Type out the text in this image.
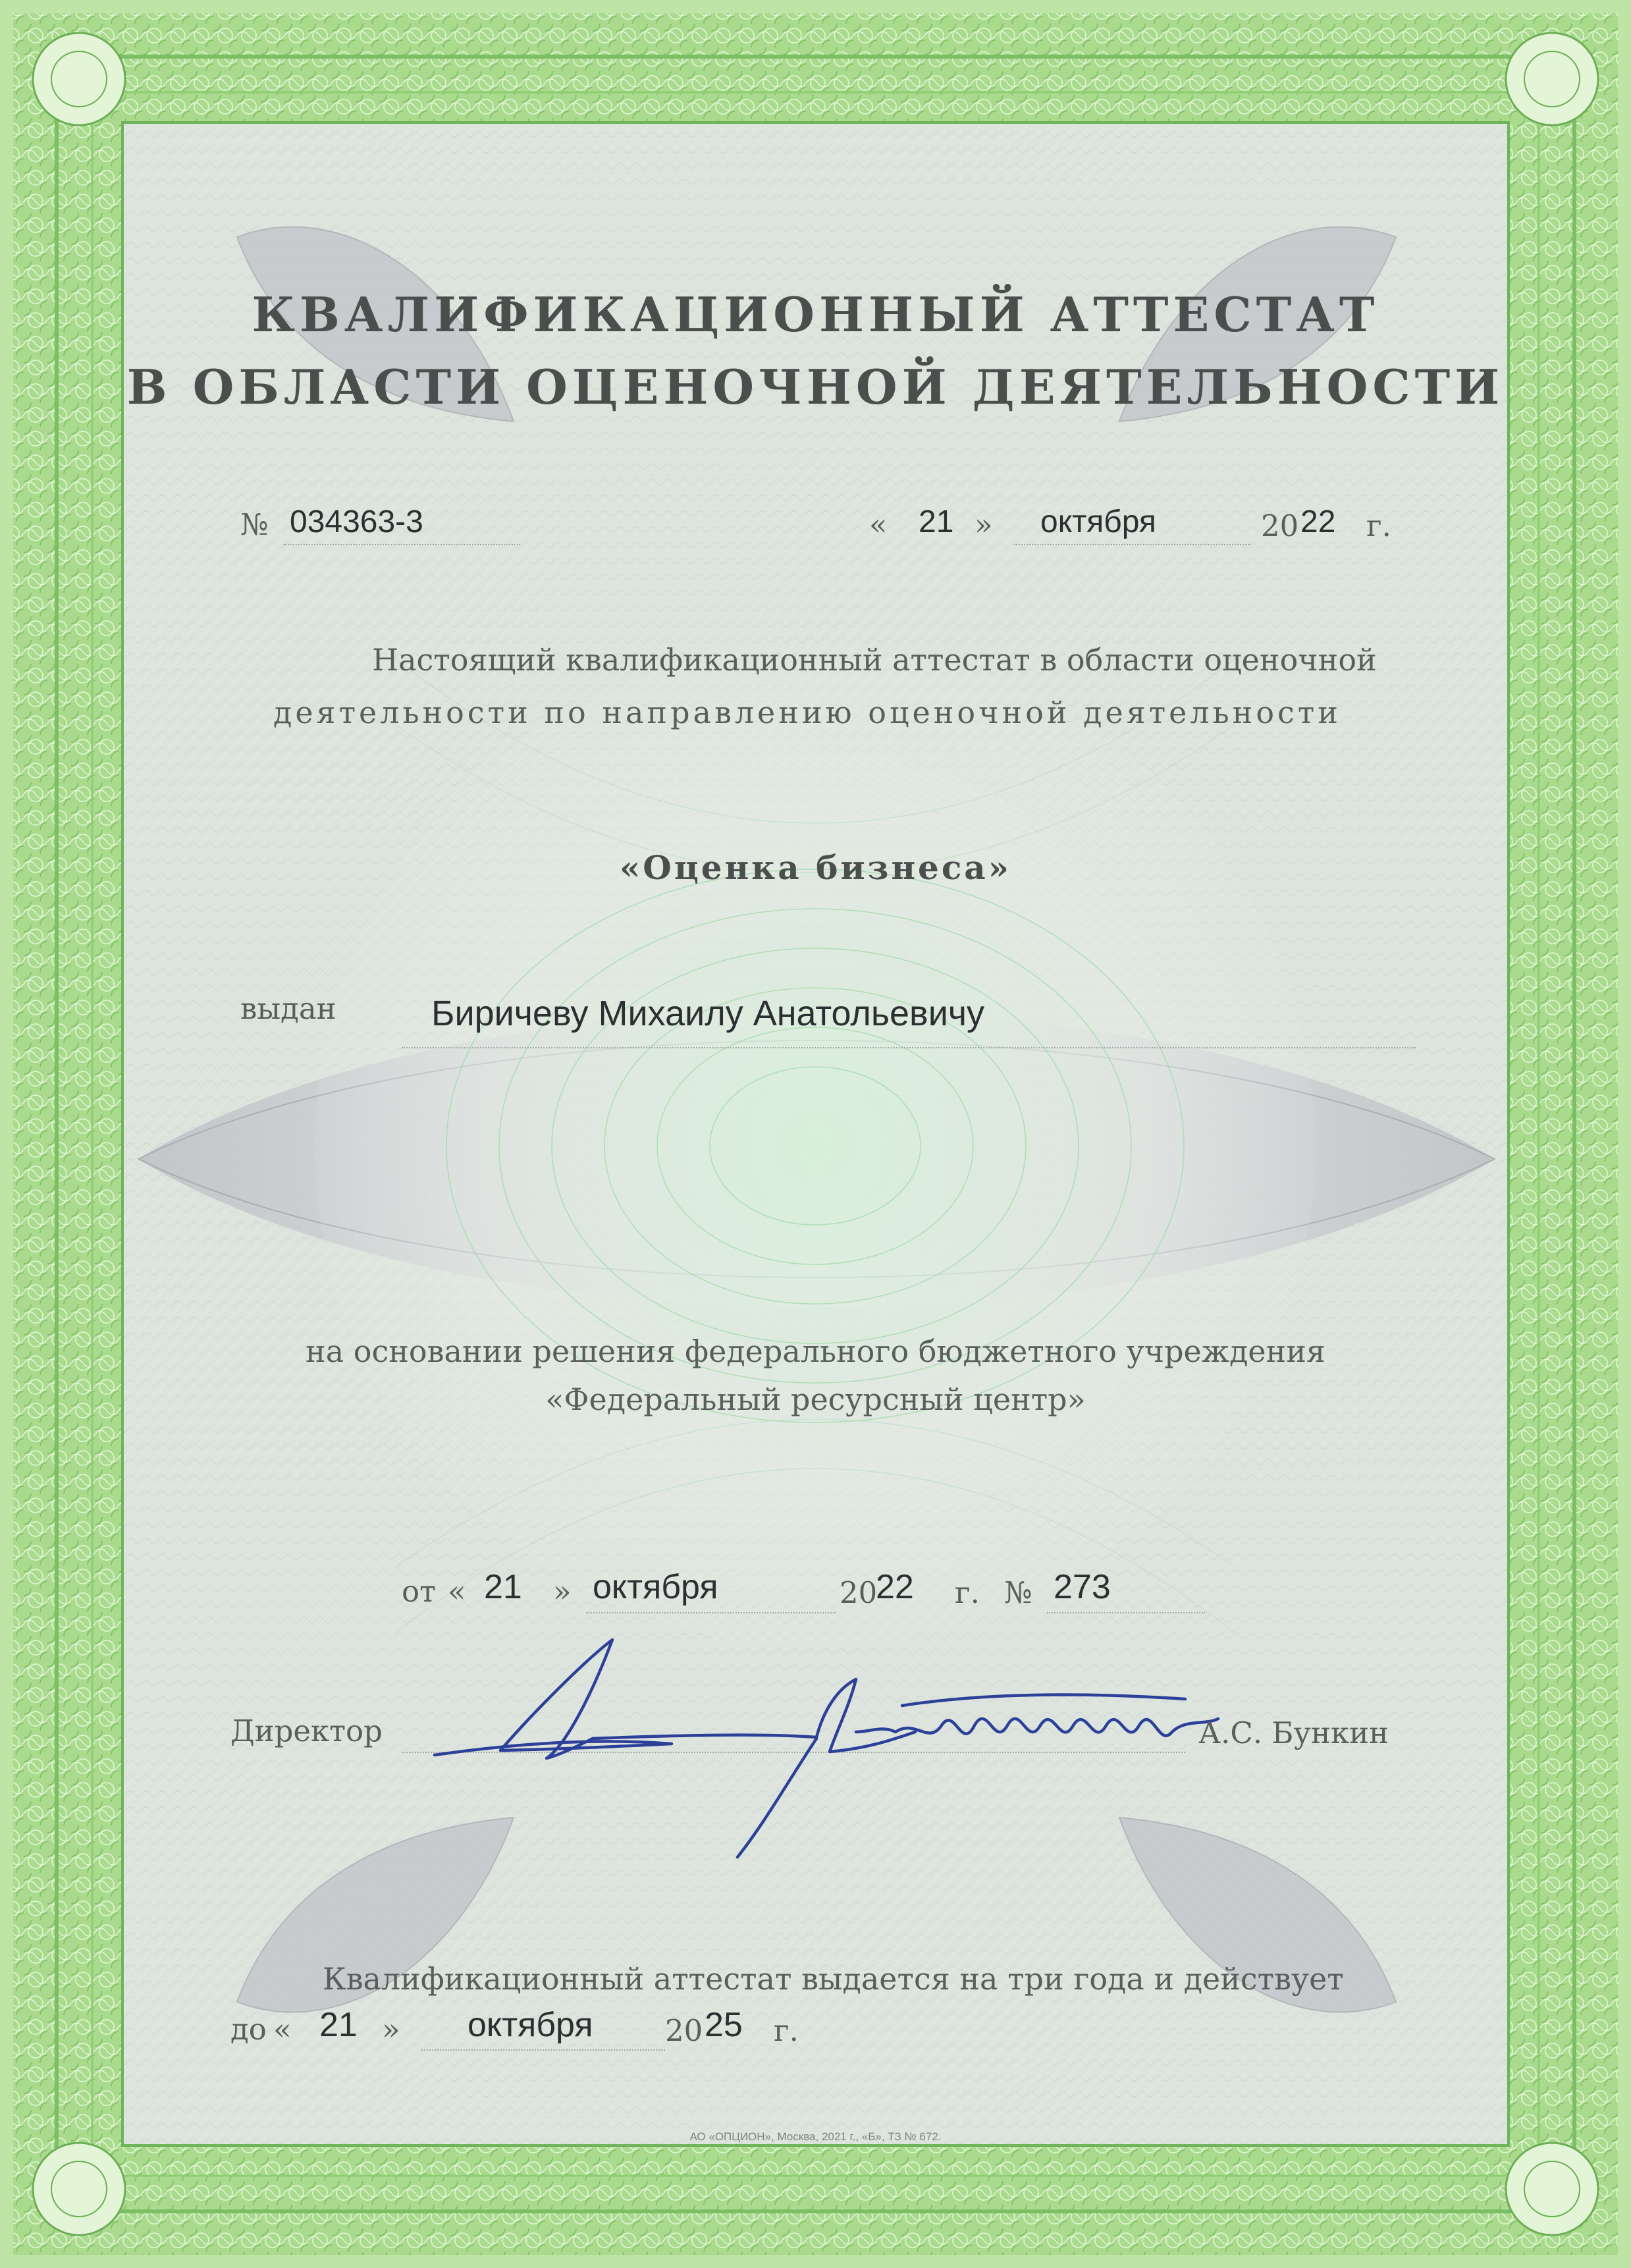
КВАЛИФИКАЦИОННЫЙ АТТЕСТАТ
В ОБЛАСТИ ОЦЕНОЧНОЙ ДЕЯТЕЛЬНОСТИ
№ 034363-3	« 21 » октября	20 22 г.
Настоящий квалификационный аттестат в области оценочной
деятельности по направлению оценочной деятельности
«Оценка бизнеса»
выдан	Биричеву Михаилу Анатольевичу
на основании решения федерального бюджетного учреждения
«Федеральный ресурсный центр»
от « 21 » октября	20
22 г. № 273
Директор	А.С. Бункин
Квалификационный аттестат выдается на три года и действует
до « 21 » октября 20 25 г.
АО «ОПЦИОН», Москва, 2021 г., «Б», ТЗ № 672.
